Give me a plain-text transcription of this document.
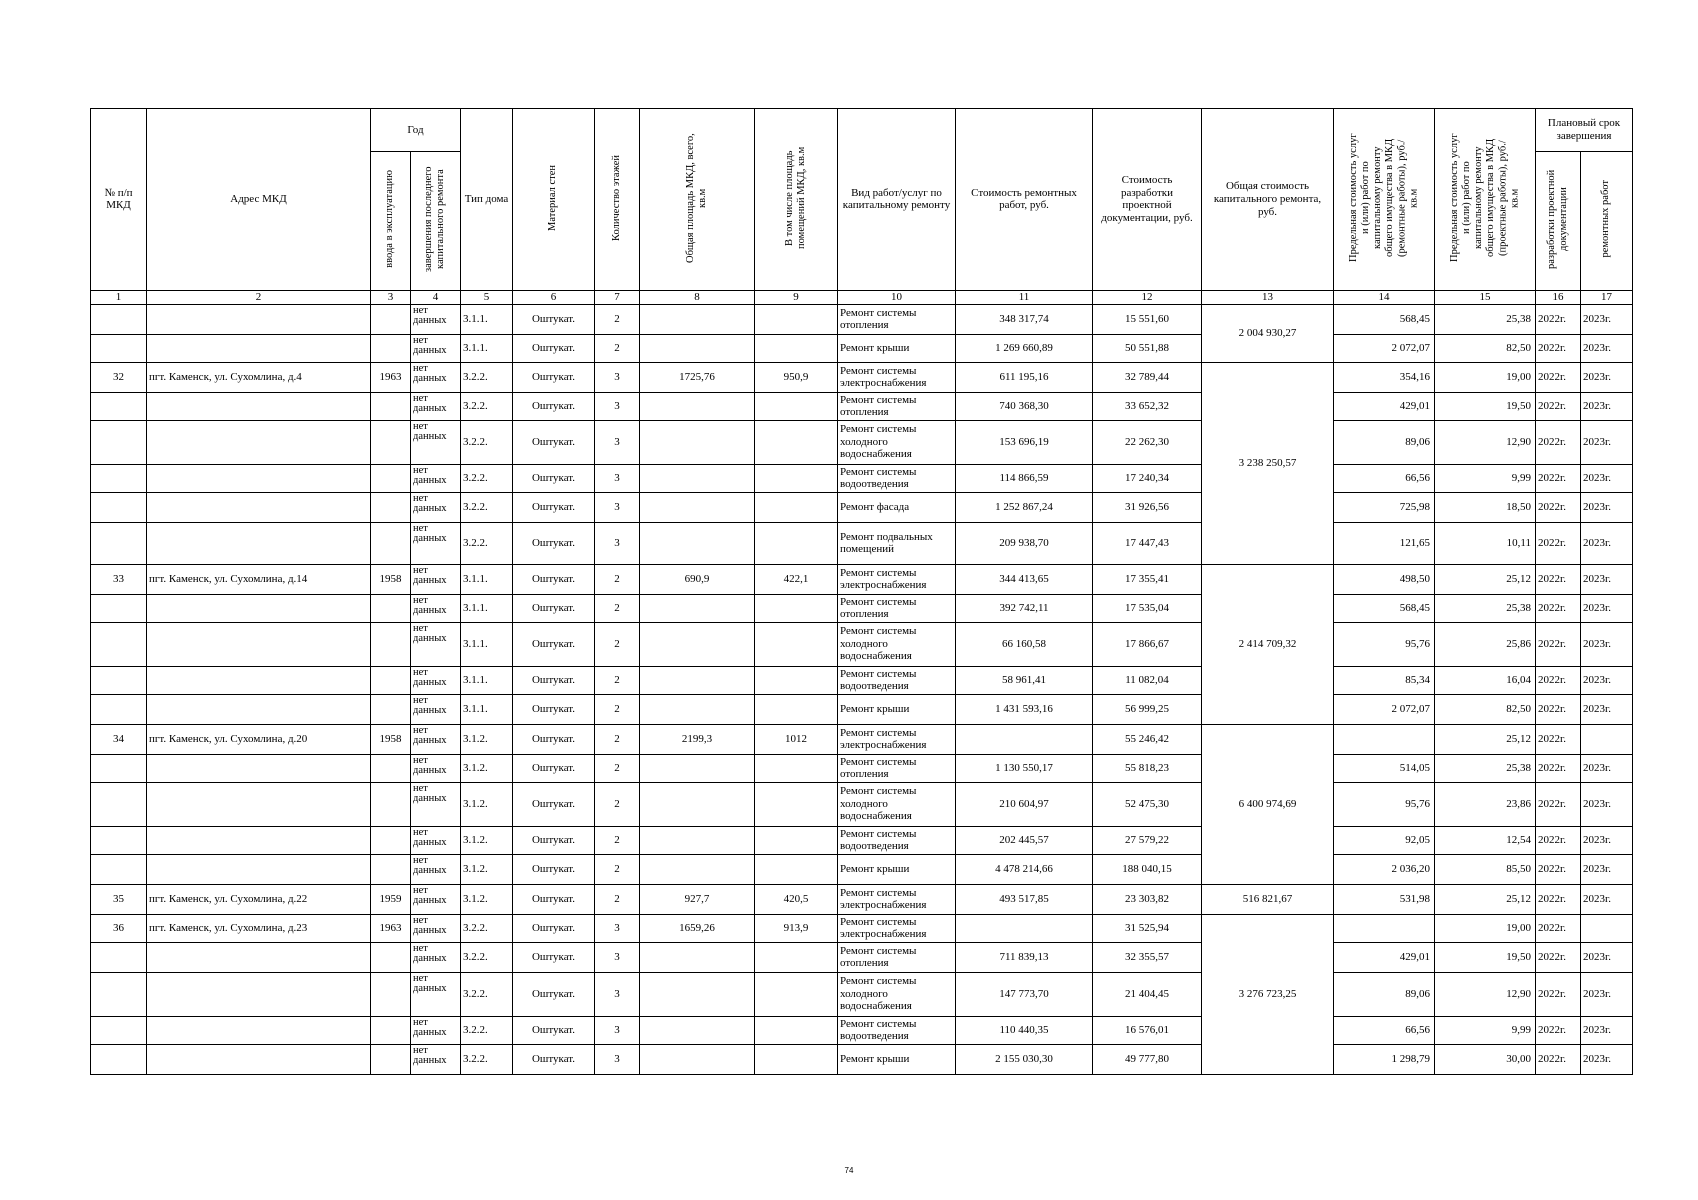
№ п/п МКД	Адрес МКД	Год		Тип дома	Материал стен	Количество этажей	Общая площадь МКД, всего, кв.м	В том числе площадь помещений МКД, кв.м	Вид работ/услуг по капитальному ремонту	Стоимость ремонтных работ, руб.	Стоимость разработки проектной документации, руб.	Общая стоимость капитального ремонта, руб.	Предельная стоимость услуг и (или) работ по капитальному ремонту общего имущества в МКД (ремонтные работы), руб./кв.м	Предельная стоимость услуг и (или) работ по капитальному ремонту общего имущества в МКД (проектные работы), руб./кв.м	Плановый срок завершения	
		ввода в эксплуатацию	завершения последнего капитального ремонта												разработки проектной документации	ремонтных работ
1	2	3	4	5	6	7	8	9	10	11	12	13	14	15	16	17
			нет данных	3.1.1.	Оштукат.	2			Ремонт системы отопления	348 317,74	15 551,60	2 004 930,27	568,45	25,38	2022г.	2023г.
			нет данных	3.1.1.	Оштукат.	2			Ремонт крыши	1 269 660,89	50 551,88		2 072,07	82,50	2022г.	2023г.
32	пгт. Каменск, ул. Сухомлина, д.4	1963	нет данных	3.2.2.	Оштукат.	3	1725,76	950,9	Ремонт системы электроснабжения	611 195,16	32 789,44	3 238 250,57	354,16	19,00	2022г.	2023г.
			нет данных	3.2.2.	Оштукат.	3			Ремонт системы отопления	740 368,30	33 652,32		429,01	19,50	2022г.	2023г.
			нет данных	3.2.2.	Оштукат.	3			Ремонт системы холодного водоснабжения	153 696,19	22 262,30		89,06	12,90	2022г.	2023г.
			нет данных	3.2.2.	Оштукат.	3			Ремонт системы водоотведения	114 866,59	17 240,34		66,56	9,99	2022г.	2023г.
			нет данных	3.2.2.	Оштукат.	3			Ремонт фасада	1 252 867,24	31 926,56		725,98	18,50	2022г.	2023г.
			нет данных	3.2.2.	Оштукат.	3			Ремонт подвальных помещений	209 938,70	17 447,43		121,65	10,11	2022г.	2023г.
33	пгт. Каменск, ул. Сухомлина, д.14	1958	нет данных	3.1.1.	Оштукат.	2	690,9	422,1	Ремонт системы электроснабжения	344 413,65	17 355,41	2 414 709,32	498,50	25,12	2022г.	2023г.
			нет данных	3.1.1.	Оштукат.	2			Ремонт системы отопления	392 742,11	17 535,04		568,45	25,38	2022г.	2023г.
			нет данных	3.1.1.	Оштукат.	2			Ремонт системы холодного водоснабжения	66 160,58	17 866,67		95,76	25,86	2022г.	2023г.
			нет данных	3.1.1.	Оштукат.	2			Ремонт системы водоотведения	58 961,41	11 082,04		85,34	16,04	2022г.	2023г.
			нет данных	3.1.1.	Оштукат.	2			Ремонт крыши	1 431 593,16	56 999,25		2 072,07	82,50	2022г.	2023г.
34	пгт. Каменск, ул. Сухомлина, д.20	1958	нет данных	3.1.2.	Оштукат.	2	2199,3	1012	Ремонт системы электроснабжения		55 246,42	6 400 974,69		25,12	2022г.	
			нет данных	3.1.2.	Оштукат.	2			Ремонт системы отопления	1 130 550,17	55 818,23		514,05	25,38	2022г.	2023г.
			нет данных	3.1.2.	Оштукат.	2			Ремонт системы холодного водоснабжения	210 604,97	52 475,30		95,76	23,86	2022г.	2023г.
			нет данных	3.1.2.	Оштукат.	2			Ремонт системы водоотведения	202 445,57	27 579,22		92,05	12,54	2022г.	2023г.
			нет данных	3.1.2.	Оштукат.	2			Ремонт крыши	4 478 214,66	188 040,15		2 036,20	85,50	2022г.	2023г.
35	пгт. Каменск, ул. Сухомлина, д.22	1959	нет данных	3.1.2.	Оштукат.	2	927,7	420,5	Ремонт системы электроснабжения	493 517,85	23 303,82	516 821,67	531,98	25,12	2022г.	2023г.
36	пгт. Каменск, ул. Сухомлина, д.23	1963	нет данных	3.2.2.	Оштукат.	3	1659,26	913,9	Ремонт системы электроснабжения		31 525,94	3 276 723,25		19,00	2022г.	
			нет данных	3.2.2.	Оштукат.	3			Ремонт системы отопления	711 839,13	32 355,57		429,01	19,50	2022г.	2023г.
			нет данных	3.2.2.	Оштукат.	3			Ремонт системы холодного водоснабжения	147 773,70	21 404,45		89,06	12,90	2022г.	2023г.
			нет данных	3.2.2.	Оштукат.	3			Ремонт системы водоотведения	110 440,35	16 576,01		66,56	9,99	2022г.	2023г.
			нет данных	3.2.2.	Оштукат.	3			Ремонт крыши	2 155 030,30	49 777,80		1 298,79	30,00	2022г.	2023г.
74
